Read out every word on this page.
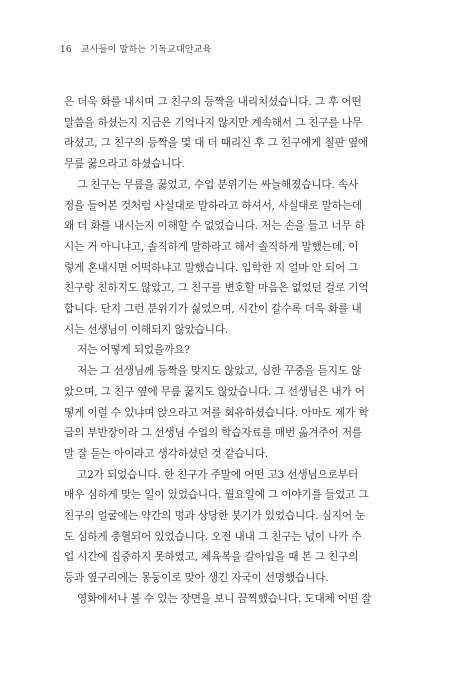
16 교사들이 말하는 기독교대안교육
은 더욱 화를 내시며 그 친구의 등짝을 내리치셨습니다. 그 후 어떤
말씀을 하셨는지 지금은 기억나지 않지만 계속해서 그 친구를 나무
라셨고, 그 친구의 등짝을 몇 대 더 때리신 후 그 친구에게 칠판 옆에
무릎 꿇으라고 하셨습니다.
그 친구는 무릎을 꿇었고, 수업 분위기는 싸늘해졌습니다. 속사
정을 들어본 것처럼 사실대로 말하라고 하셔서, 사실대로 말하는데
왜 더 화를 내시는지 이해할 수 없었습니다. 저는 손을 들고 너무 하
시는 거 아니냐고, 솔직하게 말하라고 해서 솔직하게 말했는데, 이
렇게 혼내시면 어떡하냐고 말했습니다. 입학한 지 얼마 안 되어 그
친구랑 친하지도 않았고, 그 친구를 변호할 마음은 없었던 걸로 기억
합니다. 단지 그런 분위기가 싫었으며, 시간이 갈수록 더욱 화를 내
시는 선생님이 이해되지 않았습니다.
저는 어떻게 되었을까요?
저는 그 선생님께 등짝을 맞지도 않았고, 심한 꾸중을 듣지도 않
았으며, 그 친구 옆에 무릎 꿇지도 않았습니다. 그 선생님은 내가 어
떻게 이럴 수 있냐며 앉으라고 저를 회유하셨습니다. 아마도 제가 학
급의 부반장이라 그 선생님 수업의 학습자료를 매번 옮겨주어 저를
말 잘 듣는 아이라고 생각하셨던 것 같습니다.
고2가 되었습니다. 한 친구가 주말에 어떤 고3 선생님으로부터
매우 심하게 맞는 일이 있었습니다. 월요일에 그 이야기를 들었고 그
친구의 얼굴에는 약간의 멍과 상당한 붓기가 있었습니다. 심지어 눈
도 심하게 충혈되어 있었습니다. 오전 내내 그 친구는 넋이 나가 수
업 시간에 집중하지 못하였고, 체육복을 갈아입을 때 본 그 친구의
등과 옆구리에는 몽둥이로 맞아 생긴 자국이 선명했습니다.
영화에서나 볼 수 있는 장면을 보니 끔찍했습니다. 도대체 어떤 잘
